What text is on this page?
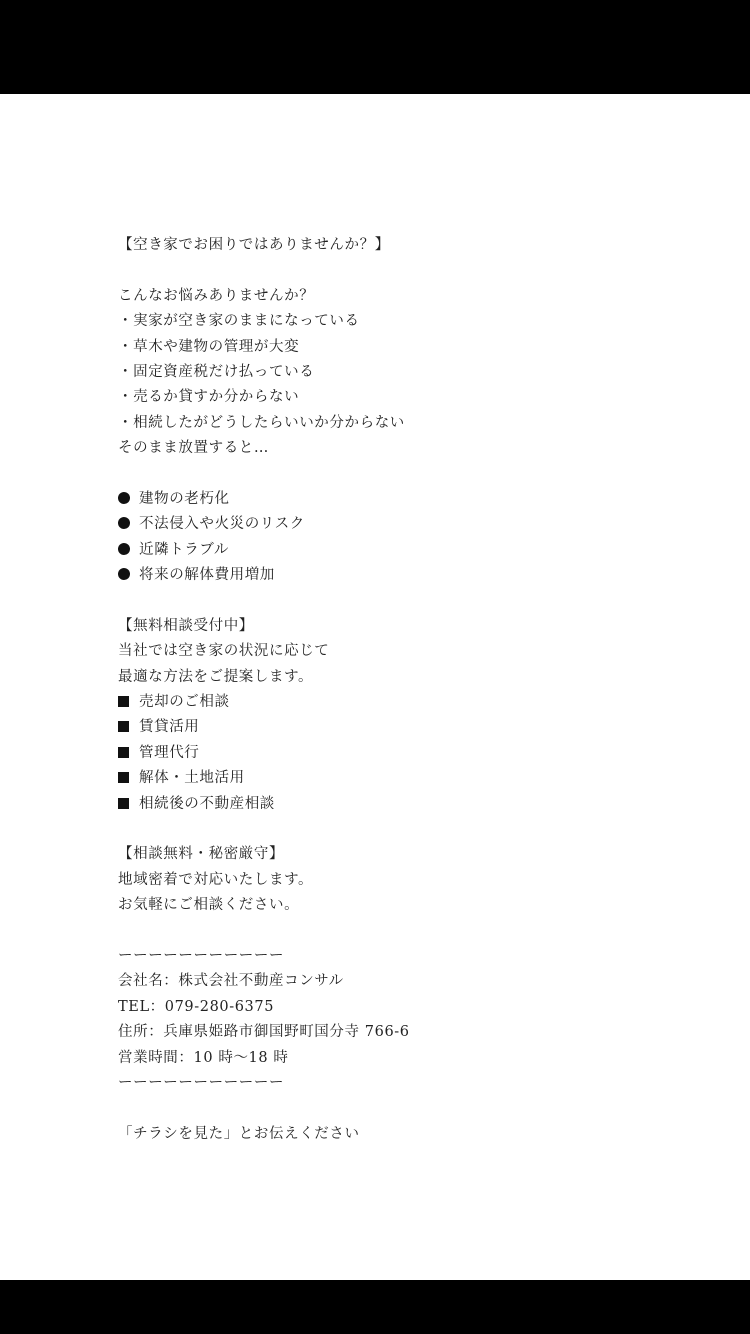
【空き家でお困りではありませんか？】
こんなお悩みありませんか？
・実家が空き家のままになっている
・草木や建物の管理が大変
・固定資産税だけ払っている
・売るか貸すか分からない
・相続したがどうしたらいいか分からない
そのまま放置すると…
建物の老朽化
不法侵入や火災のリスク
近隣トラブル
将来の解体費用増加
【無料相談受付中】
当社では空き家の状況に応じて
最適な方法をご提案します。
売却のご相談
賃貸活用
管理代行
解体・土地活用
相続後の不動産相談
【相談無料・秘密厳守】
地域密着で対応いたします。
お気軽にご相談ください。
ーーーーーーーーーーー
会社名：株式会社不動産コンサル
TEL：079-280-6375
住所：兵庫県姫路市御国野町国分寺 766-6
営業時間：10 時〜18 時
ーーーーーーーーーーー
「チラシを見た」とお伝えください
